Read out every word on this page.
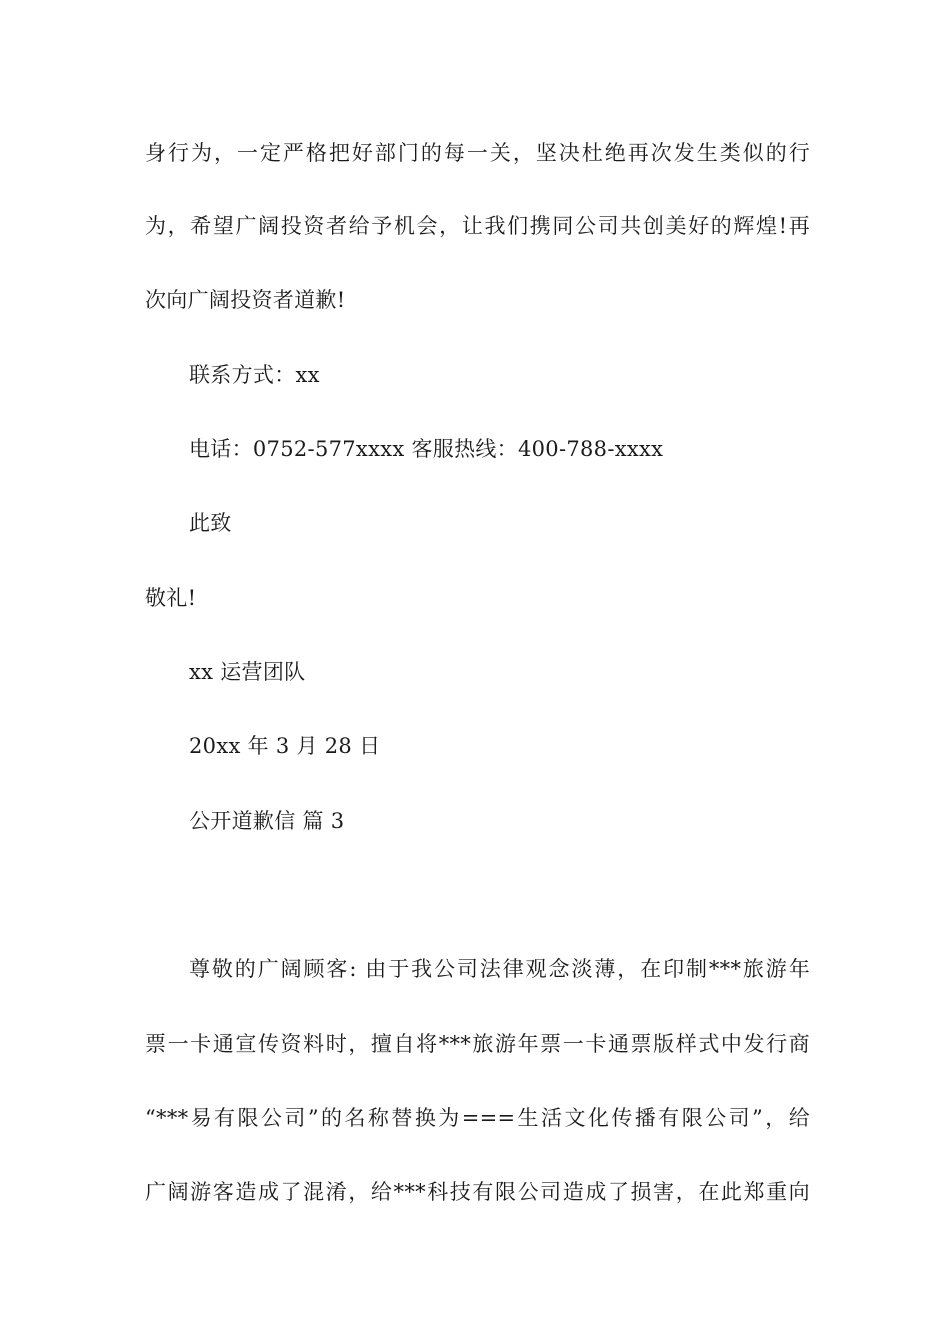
身行为，一定严格把好部门的每一关，坚决杜绝再次发生类似的行
为，希望广阔投资者给予机会，让我们携同公司共创美好的辉煌!再
次向广阔投资者道歉!
联系方式：xx
电话：0752-577xxxx 客服热线：400-788-xxxx
此致
敬礼!
xx 运营团队
20xx 年 3 月 28 日
公开道歉信 篇 3
尊敬的广阔顾客: 由于我公司法律观念淡薄，在印制***旅游年
票一卡通宣传资料时，擅自将***旅游年票一卡通票版样式中发行商
“***易有限公司”的名称替换为===生活文化传播有限公司”，给
广阔游客造成了混淆，给***科技有限公司造成了损害，在此郑重向
